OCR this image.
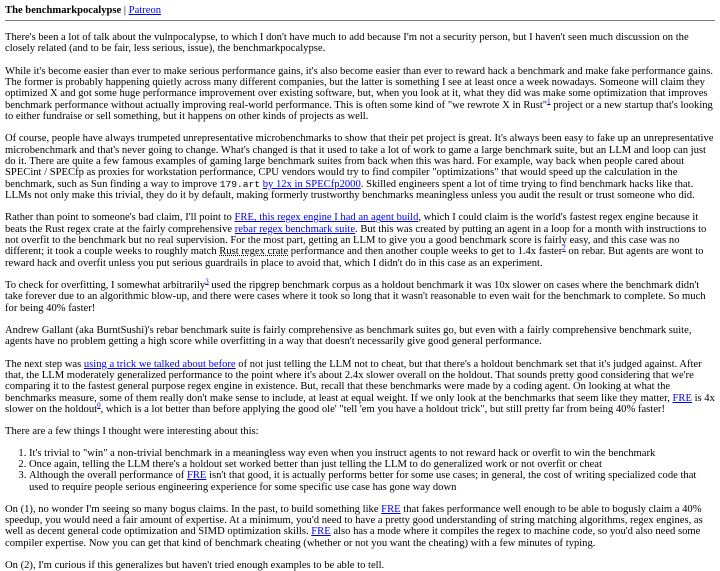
The benchmarkpocalypse | Patreon

There's been a lot of talk about the vulnpocalypse, to which I don't have much to add because I'm not a security person, but I haven't seen much discussion on the closely related (and to be fair, less serious, issue), the benchmarkpocalypse.

While it's become easier than ever to make serious performance gains, it's also become easier than ever to reward hack a benchmark and make fake performance gains. The former is probably happening quietly across many different companies, but the latter is something I see at least once a week nowadays. Someone will claim they optimized X and got some huge performance improvement over existing software, but, when you look at it, what they did was make some optimization that improves benchmark performance without actually improving real-world performance. This is often some kind of "we rewrote X in Rust"$^1$ project or a new startup that's looking to either fundraise or sell something, but it happens on other kinds of projects as well.

Of course, people have always trumpeted unrepresentative microbenchmarks to show that their pet project is great. It's always been easy to fake up an unrepresentative microbenchmark and that's never going to change. What's changed is that it used to take a lot of work to game a large benchmark suite, but an LLM and loop can just do it. There are quite a few famous examples of gaming large benchmark suites from back when this was hard. For example, way back when people cared about SPECint / SPECfp as proxies for workstation performance, CPU vendors would try to find compiler "optimizations" that would speed up the calculation in the benchmark, such as Sun finding a way to improve 179.art by 12x in SPECfp2000. Skilled engineers spent a lot of time trying to find benchmark hacks like that. LLMs not only make this trivial, they do it by default, making formerly trustworthy benchmarks meaningless unless you audit the result or trust someone who did.

Rather than point to someone's bad claim, I'll point to FRE, this regex engine I had an agent build, which I could claim is the world's fastest regex engine because it beats the Rust regex crate at the fairly comprehensive rebar regex benchmark suite. But this was created by putting an agent in a loop for a month with instructions to not overfit to the benchmark but no real supervision. For the most part, getting an LLM to give you a good benchmark score is fairly easy, and this case was no different; it took a couple weeks to roughly match Rust regex crate performance and then another couple weeks to get to 1.4x faster$^2$ on rebar. But agents are wont to reward hack and overfit unless you put serious guardrails in place to avoid that, which I didn't do in this case as an experiment.

To check for overfitting, I somewhat arbitrarily$^3$ used the ripgrep benchmark corpus as a holdout benchmark it was 10x slower on cases where the benchmark didn't take forever due to an algorithmic blow-up, and there were cases where it took so long that it wasn't reasonable to even wait for the benchmark to complete. So much for being 40% faster!

Andrew Gallant (aka BurntSushi)'s rebar benchmark suite is fairly comprehensive as benchmark suites go, but even with a fairly comprehensive benchmark suite, agents have no problem getting a high score while overfitting in a way that doesn't necessarily give good general performance.

The next step was using a trick we talked about before of not just telling the LLM not to cheat, but that there's a holdout benchmark set that it's judged against. After that, the LLM moderately generalized performance to the point where it's about 2.4x slower overall on the holdout. That sounds pretty good considering that we're comparing it to the fastest general purpose regex engine in existence. But, recall that these benchmarks were made by a coding agent. On looking at what the benchmarks measure, some of them really don't make sense to include, at least at equal weight. If we only look at the benchmarks that seem like they matter, FRE is 4x slower on the holdout$^0$, which is a lot better than before applying the good ole' "tell 'em you have a holdout trick", but still pretty far from being 40% faster!

There are a few things I thought were interesting about this:

1. It's trivial to "win" a non-trivial benchmark in a meaningless way even when you instruct agents to not reward hack or overfit to win the benchmark
2. Once again, telling the LLM there's a holdout set worked better than just telling the LLM to do generalized work or not overfit or cheat
3. Although the overall performance of FRE isn't that good, it is actually performs better for some use cases; in general, the cost of writing specialized code that used to require people serious engineering experience for some specific use case has gone way down

On (1), no wonder I'm seeing so many bogus claims. In the past, to build something like FRE that fakes performance well enough to be able to bogusly claim a 40% speedup, you would need a fair amount of expertise. At a minimum, you'd need to have a pretty good understanding of string matching algorithms, regex engines, as well as decent general code optimization and SIMD optimization skills. FRE also has a mode where it compiles the regex to machine code, so you'd also need some compiler expertise. Now you can get that kind of benchmark cheating (whether or not you want the cheating) with a few minutes of typing.

On (2), I'm curious if this generalizes but haven't tried enough examples to be able to tell.
